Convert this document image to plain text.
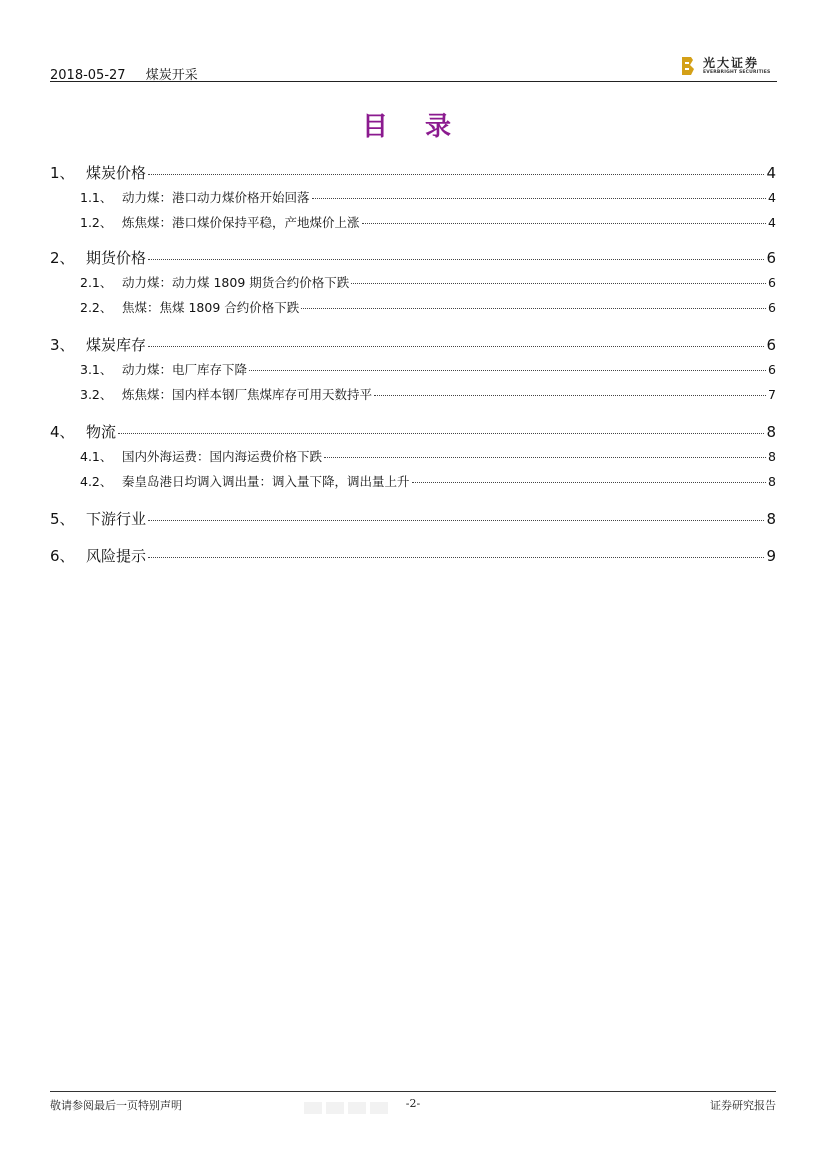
2018-05-27 煤炭开采
光大证券
EVERBRIGHT SECURITIES
目 录
1、 煤炭价格	4
1.1、 动力煤：港口动力煤价格开始回落	4
1.2、 炼焦煤：港口煤价保持平稳，产地煤价上涨	4
2、 期货价格	6
2.1、 动力煤：动力煤 1809 期货合约价格下跌	6
2.2、 焦煤：焦煤 1809 合约价格下跌	6
3、 煤炭库存	6
3.1、 动力煤：电厂库存下降	6
3.2、 炼焦煤：国内样本钢厂焦煤库存可用天数持平	7
4、 物流	8
4.1、 国内外海运费：国内海运费价格下跌	8
4.2、 秦皇岛港日均调入调出量：调入量下降，调出量上升	8
5、 下游行业	8
6、 风险提示	9
敬请参阅最后一页特别声明	-2-	证券研究报告
